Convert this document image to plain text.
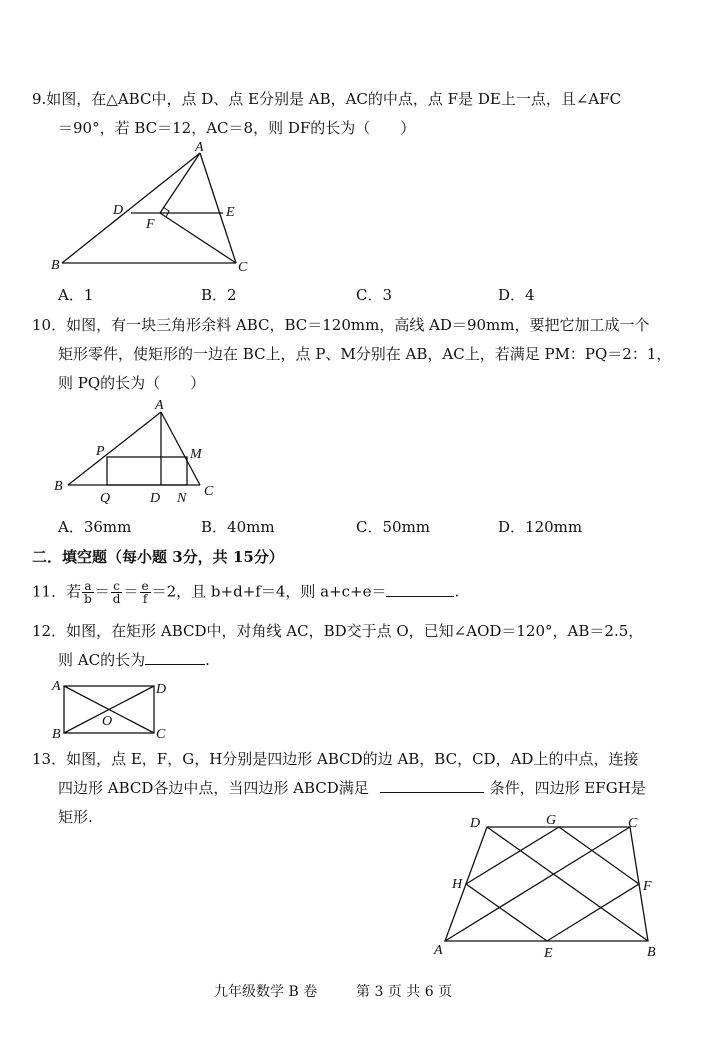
9.如图，在△ABC中，点 D、点 E分别是 AB，AC的中点，点 F是 DE上一点，且∠AFC
＝90°，若 BC＝12，AC＝8，则 DF的长为（　　）
A
D	E
F
B	C
A．1	B．2	C．3	D．4
10．如图，有一块三角形余料 ABC，BC＝120mm，高线 AD＝90mm，要把它加工成一个
矩形零件，使矩形的一边在 BC上，点 P、M分别在 AB，AC上，若满足 PM：PQ＝2：1，
则 PQ的长为（　　）
A
P	M
B
Q	D N C
A．36mm	B．40mm	C．50mm	D．120mm
二．填空题（每小题 3分，共 15分）
11．若 $\frac{a}{b} = \frac{c}{d} = \frac{e}{f} =2$，且 b+d+f＝4，则 a+c+e＝	.
12．如图，在矩形 ABCD中，对角线 AC，BD交于点 O，已知∠AOD＝120°，AB＝2.5，
则 AC的长为	.
A	D
O
B	C
13．如图，点 E，F，G，H分别是四边形 ABCD的边 AB，BC，CD，AD上的中点，连接
四边形 ABCD各边中点，当四边形 ABCD满足	条件，四边形 EFGH是
矩形.	D	G	C
H	F
A	E	B
九年级数学 B 卷	第 3 页 共 6 页
